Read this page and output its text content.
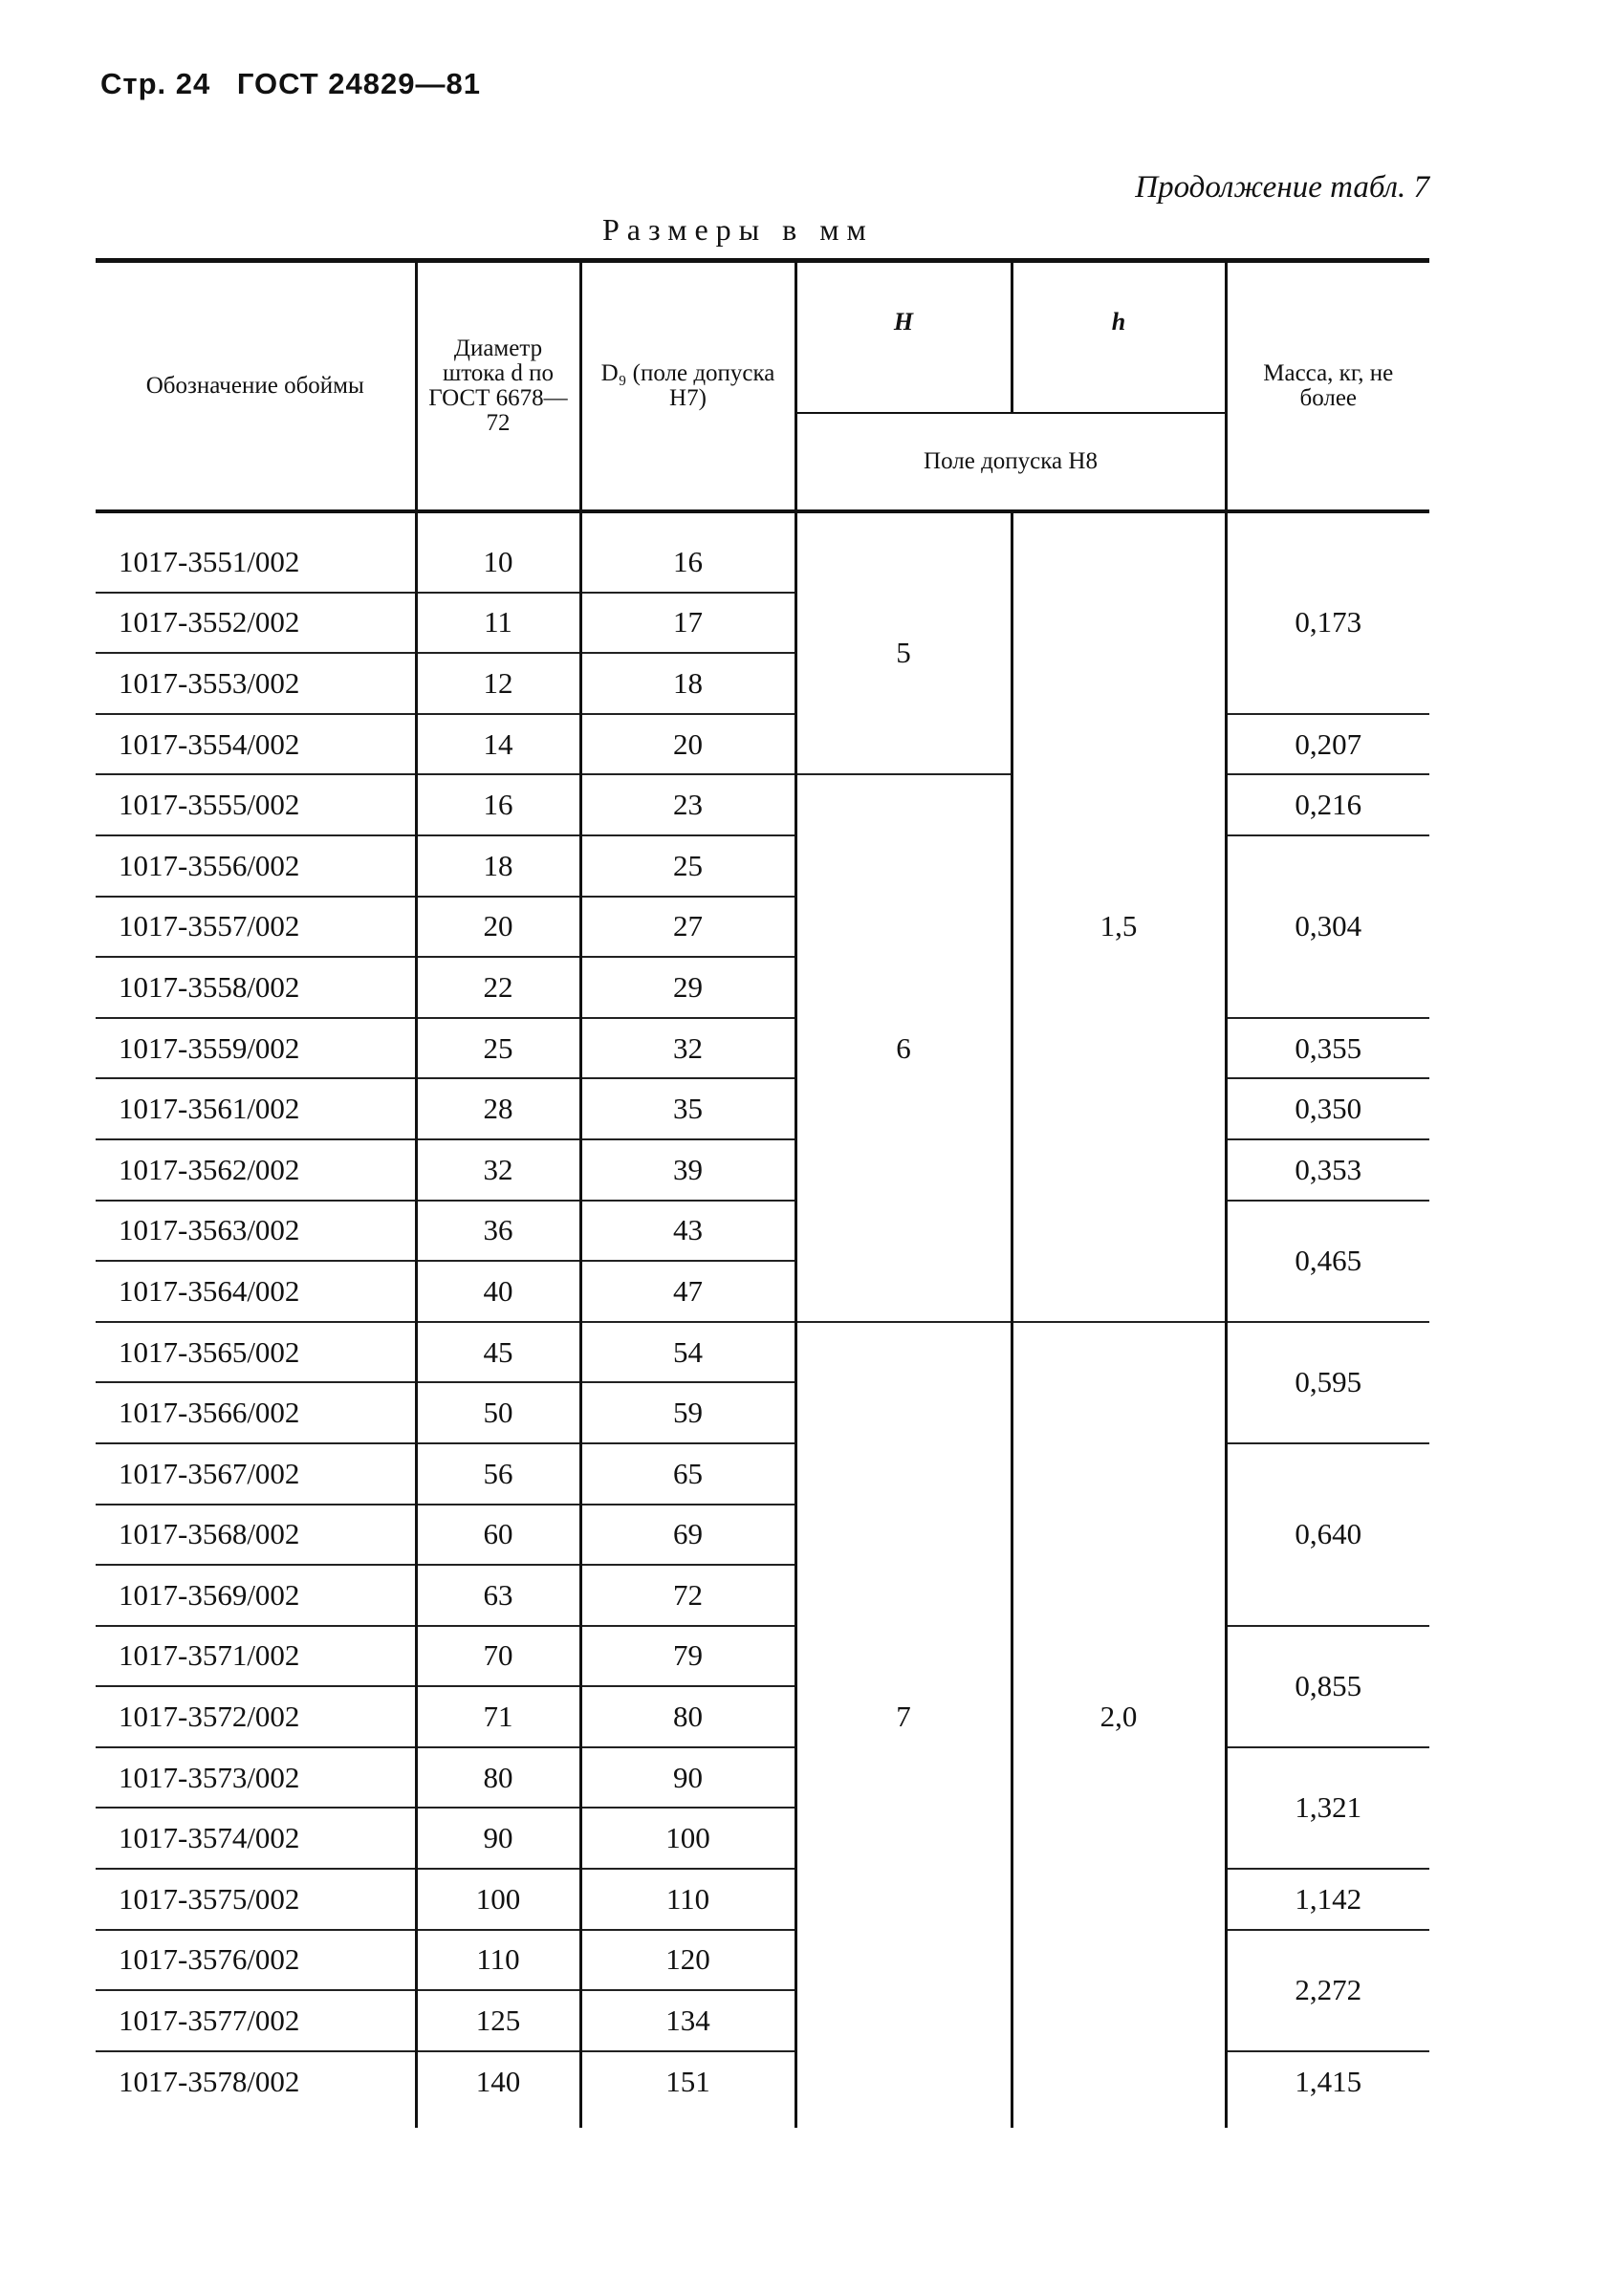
Стр. 24 ГОСТ 24829—81
Продолжение табл. 7
Размеры в мм
Обозначение обоймы	Диаметр штока d по ГОСТ 6678—72	D₉ (поле допуска H7)	H	h	Масса, кг, не более
			Поле допуска H8		
1017-3551/002	10	16	5	1,5	0,173
1017-3552/002	11	17			
1017-3553/002	12	18			
1017-3554/002	14	20			0,207
1017-3555/002	16	23	6		0,216
1017-3556/002	18	25			0,304
1017-3557/002	20	27			
1017-3558/002	22	29			
1017-3559/002	25	32			0,355
1017-3561/002	28	35			0,350
1017-3562/002	32	39			0,353
1017-3563/002	36	43			0,465
1017-3564/002	40	47			
1017-3565/002	45	54	7	2,0	0,595
1017-3566/002	50	59			
1017-3567/002	56	65			0,640
1017-3568/002	60	69			
1017-3569/002	63	72			
1017-3571/002	70	79			0,855
1017-3572/002	71	80			
1017-3573/002	80	90			1,321
1017-3574/002	90	100			
1017-3575/002	100	110			1,142
1017-3576/002	110	120			2,272
1017-3577/002	125	134			
1017-3578/002	140	151			1,415
